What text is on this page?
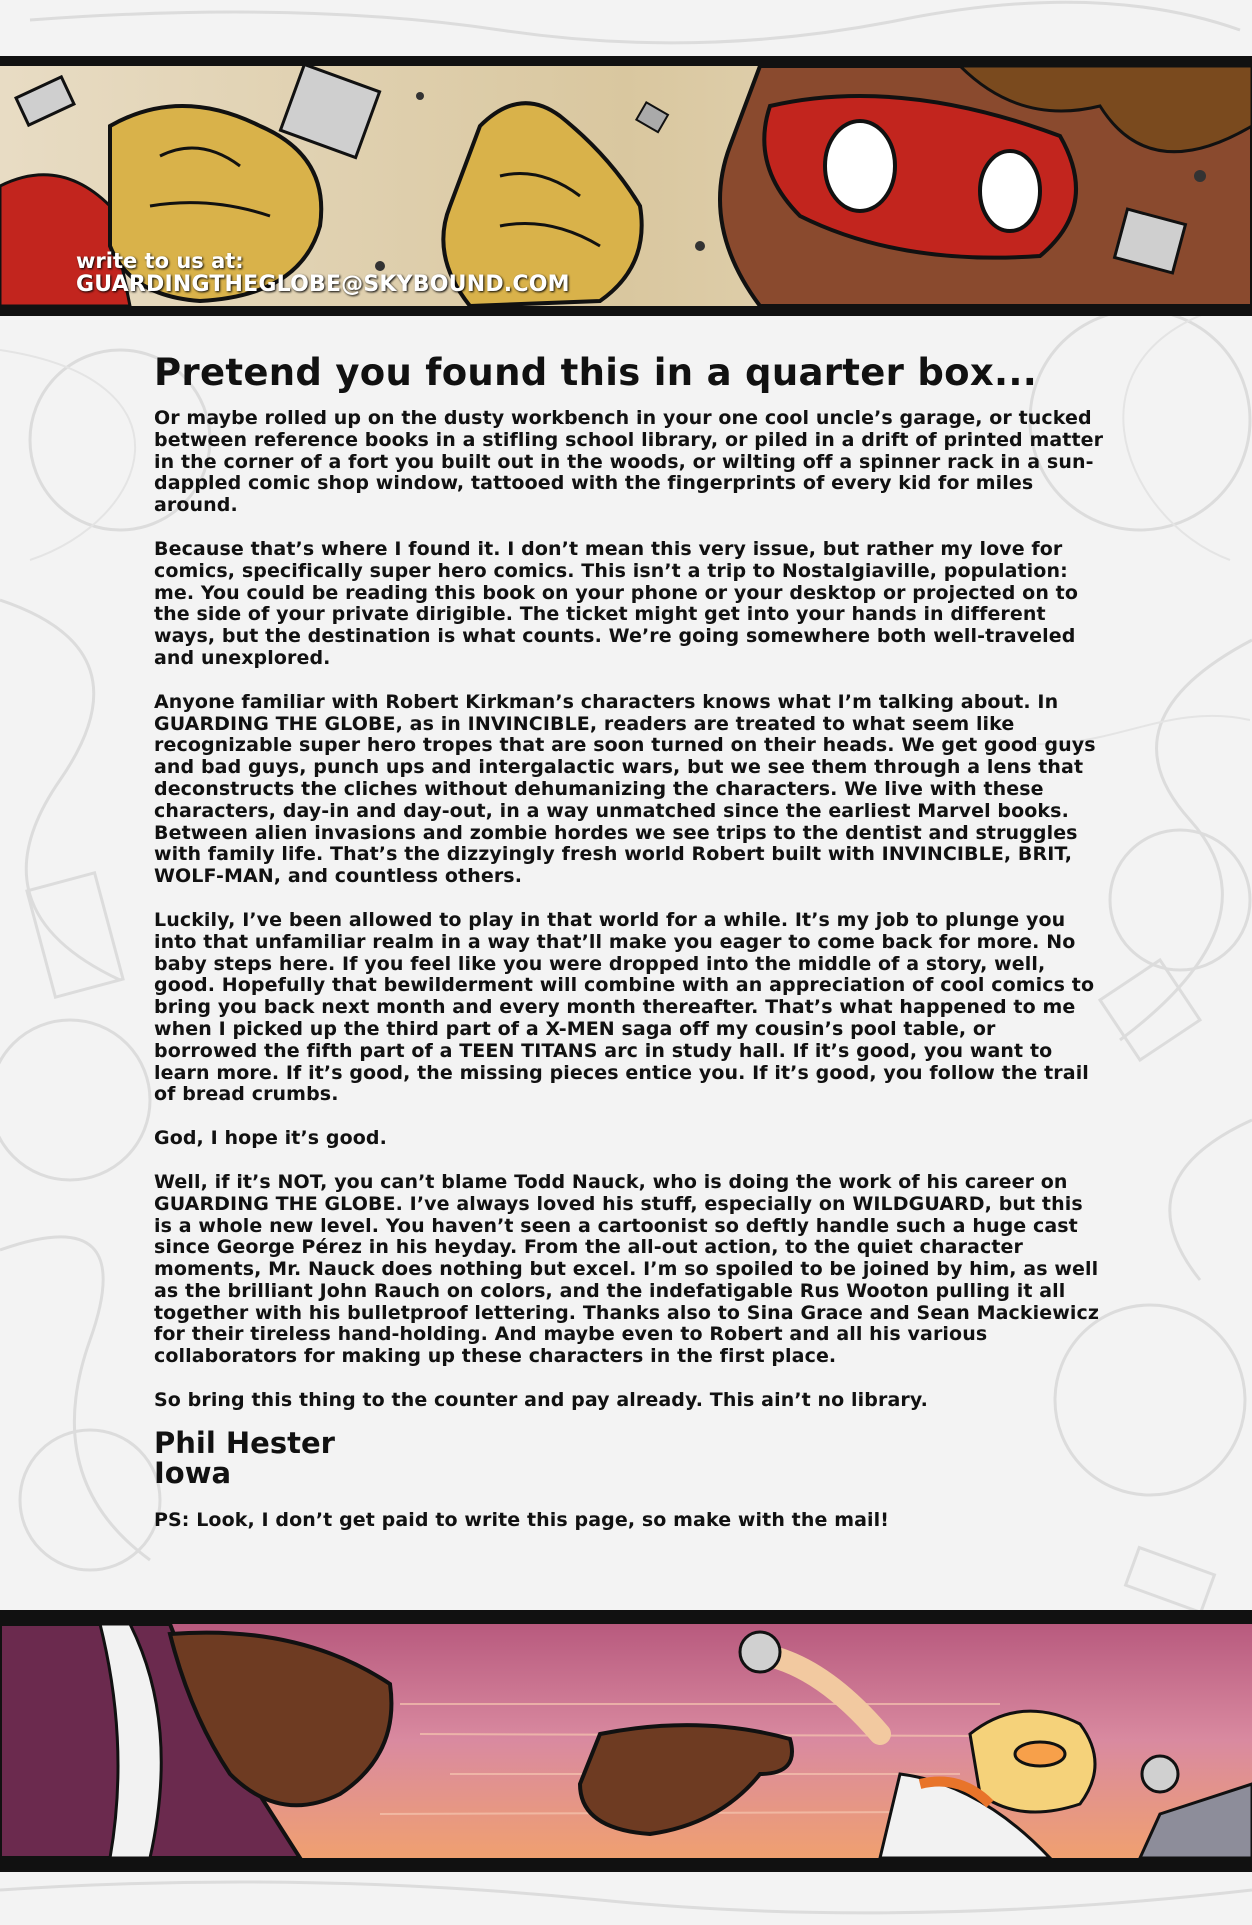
write to us at:
GUARDINGTHEGLOBE@SKYBOUND.COM
Pretend you found this in a quarter box...

Or maybe rolled up on the dusty workbench in your one cool uncle’s garage, or tucked between reference books in a stifling school library, or piled in a drift of printed matter in the corner of a fort you built out in the woods, or wilting off a spinner rack in a sun-dappled comic shop window, tattooed with the fingerprints of every kid for miles around.

Because that’s where I found it. I don’t mean this very issue, but rather my love for comics, specifically super hero comics. This isn’t a trip to Nostalgiaville, population: me. You could be reading this book on your phone or your desktop or projected on to the side of your private dirigible. The ticket might get into your hands in different ways, but the destination is what counts. We’re going somewhere both well-traveled and unexplored.

Anyone familiar with Robert Kirkman’s characters knows what I’m talking about. In GUARDING THE GLOBE, as in INVINCIBLE, readers are treated to what seem like recognizable super hero tropes that are soon turned on their heads. We get good guys and bad guys, punch ups and intergalactic wars, but we see them through a lens that deconstructs the cliches without dehumanizing the characters. We live with these characters, day-in and day-out, in a way unmatched since the earliest Marvel books. Between alien invasions and zombie hordes we see trips to the dentist and struggles with family life. That’s the dizzyingly fresh world Robert built with INVINCIBLE, BRIT, WOLF-MAN, and countless others.

Luckily, I’ve been allowed to play in that world for a while. It’s my job to plunge you into that unfamiliar realm in a way that’ll make you eager to come back for more. No baby steps here. If you feel like you were dropped into the middle of a story, well, good. Hopefully that bewilderment will combine with an appreciation of cool comics to bring you back next month and every month thereafter. That’s what happened to me when I picked up the third part of a X-MEN saga off my cousin’s pool table, or borrowed the fifth part of a TEEN TITANS arc in study hall. If it’s good, you want to learn more. If it’s good, the missing pieces entice you. If it’s good, you follow the trail of bread crumbs.

God, I hope it’s good.

Well, if it’s NOT, you can’t blame Todd Nauck, who is doing the work of his career on GUARDING THE GLOBE. I’ve always loved his stuff, especially on WILDGUARD, but this is a whole new level. You haven’t seen a cartoonist so deftly handle such a huge cast since George Pérez in his heyday. From the all-out action, to the quiet character moments, Mr. Nauck does nothing but excel. I’m so spoiled to be joined by him, as well as the brilliant John Rauch on colors, and the indefatigable Rus Wooton pulling it all together with his bulletproof lettering. Thanks also to Sina Grace and Sean Mackiewicz for their tireless hand-holding. And maybe even to Robert and all his various collaborators for making up these characters in the first place.

So bring this thing to the counter and pay already. This ain’t no library.

Phil Hester
Iowa

PS: Look, I don’t get paid to write this page, so make with the mail!
